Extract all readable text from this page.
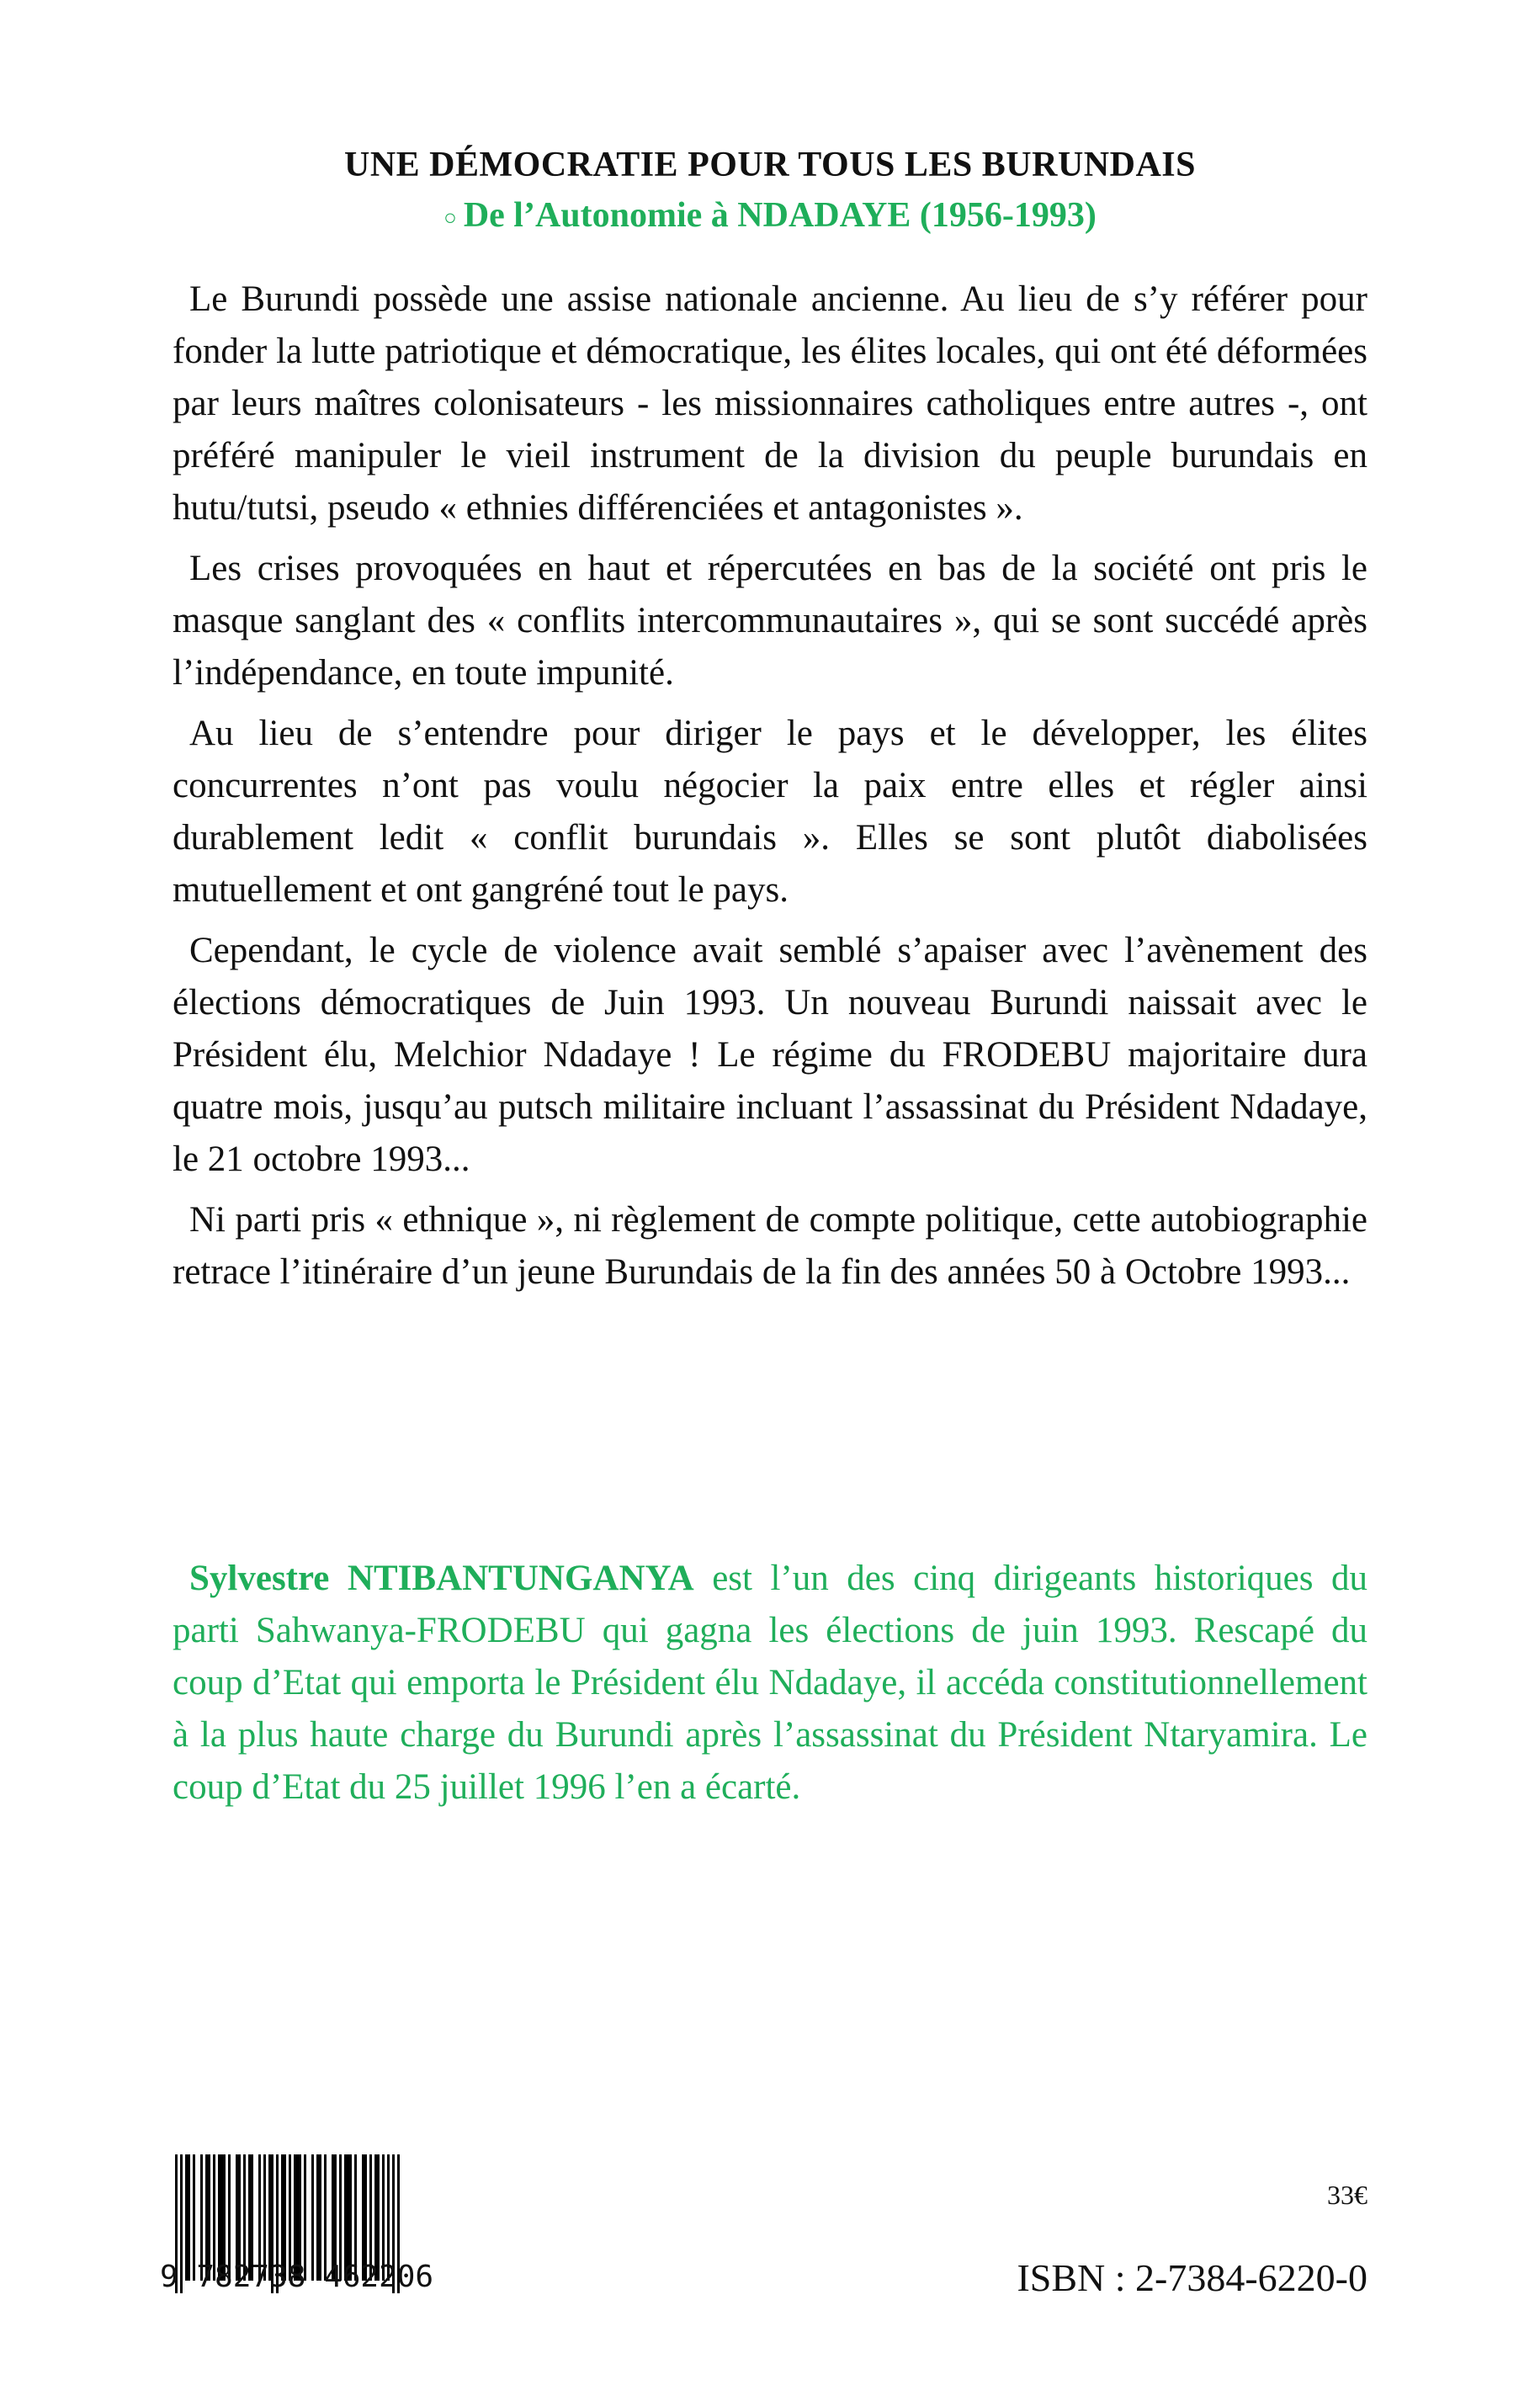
UNE DÉMOCRATIE POUR TOUS LES BURUNDAIS
○ De l’Autonomie à NDADAYE (1956-1993)

Le Burundi possède une assise nationale ancienne. Au lieu de s’y référer pour fonder la lutte patriotique et démocratique, les élites locales, qui ont été déformées par leurs maîtres colonisateurs - les missionnaires catholiques entre autres -, ont préféré manipuler le vieil instrument de la division du peuple burundais en hutu/tutsi, pseudo « ethnies différenciées et antagonistes ».

Les crises provoquées en haut et répercutées en bas de la société ont pris le masque sanglant des « conflits intercommunautaires », qui se sont succédé après l’indépendance, en toute impunité.

Au lieu de s’entendre pour diriger le pays et le développer, les élites concurrentes n’ont pas voulu négocier la paix entre elles et régler ainsi durablement ledit « conflit burundais ». Elles se sont plutôt diabolisées mutuellement et ont gangréné tout le pays.

Cependant, le cycle de violence avait semblé s’apaiser avec l’avènement des élections démocratiques de Juin 1993. Un nouveau Burundi naissait avec le Président élu, Melchior Ndadaye ! Le régime du FRODEBU majoritaire dura quatre mois, jusqu’au putsch militaire incluant l’assassinat du Président Ndadaye, le 21 octobre 1993...

Ni parti pris « ethnique », ni règlement de compte politique, cette autobiographie retrace l’itinéraire d’un jeune Burundais de la fin des années 50 à Octobre 1993...

Sylvestre NTIBANTUNGANYA est l’un des cinq dirigeants historiques du parti Sahwanya-FRODEBU qui gagna les élections de juin 1993. Rescapé du coup d’Etat qui emporta le Président élu Ndadaye, il accéda constitutionnellement à la plus haute charge du Burundi après l’assassinat du Président Ntaryamira. Le coup d’Etat du 25 juillet 1996 l’en a écarté.

9 782738 462206
33€
ISBN : 2-7384-6220-0
